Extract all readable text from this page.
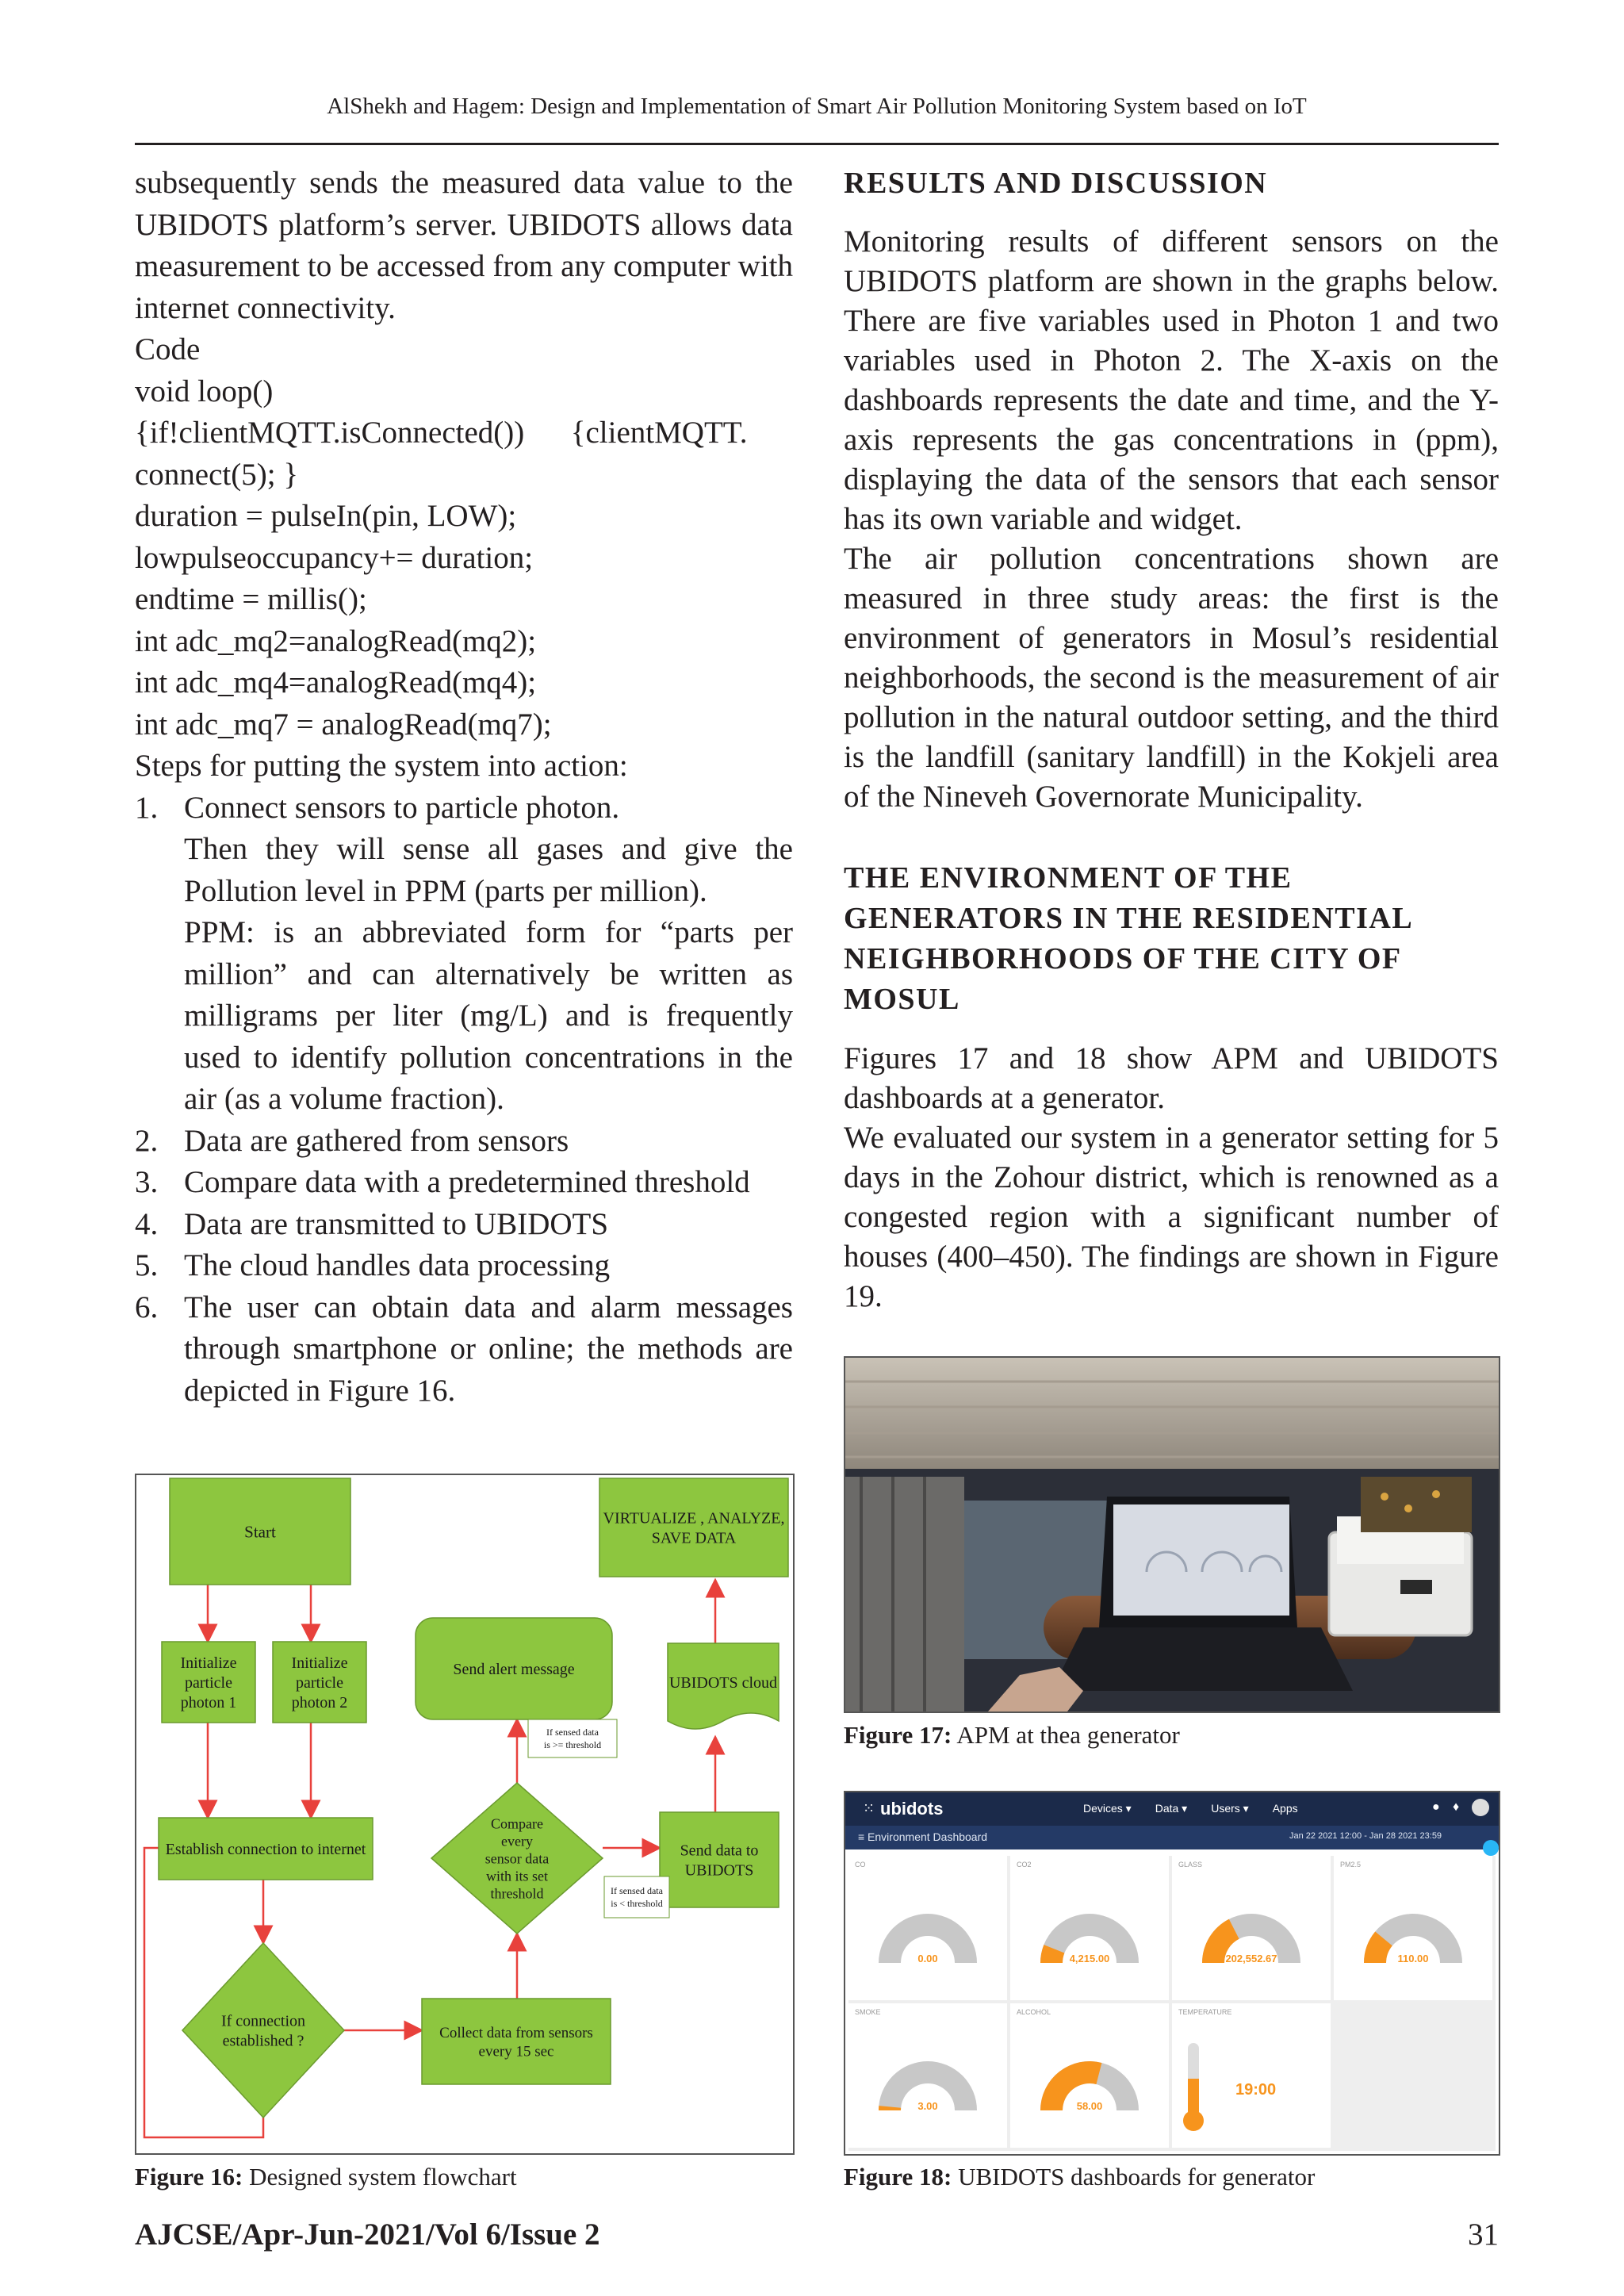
AlShekh and Hagem: Design and Implementation of Smart Air Pollution Monitoring System based on IoT

subsequently sends the measured data value to the UBIDOTS platform’s server. UBIDOTS allows data measurement to be accessed from any computer with internet connectivity.

Code

void loop()
{if!clientMQTT.isConnected())      {clientMQTT.
connect(5); }
duration = pulseIn(pin, LOW);
lowpulseoccupancy+= duration;
endtime = millis();
int adc_mq2=analogRead(mq2);
int adc_mq4=analogRead(mq4);
int adc_mq7 = analogRead(mq7);

Steps for putting the system into action:

1. Connect sensors to particle photon.
Then they will sense all gases and give the Pollution level in PPM (parts per million).
PPM: is an abbreviated form for “parts per million” and can alternatively be written as milligrams per liter (mg/L) and is frequently used to identify pollution concentrations in the air (as a volume fraction).
2. Data are gathered from sensors
3. Compare data with a predetermined threshold
4. Data are transmitted to UBIDOTS
5. The cloud handles data processing
6. The user can obtain data and alarm messages through smartphone or online; the methods are depicted in Figure 16.
Start
Initialize
particle
photon 1
Initialize
particle
photon 2
Establish connection to internet
If connection
established ?	Collect data from sensors
every 15 sec
Compare
every
sensor data
with its set
threshold
Send alert message
If sensed data
is >= threshold
If sensed data
is < threshold
Send data to
UBIDOTS
UBIDOTS cloud
VIRTUALIZE , ANALYZE,
SAVE DATA
Figure 16: Designed system flowchart

RESULTS AND DISCUSSION

Monitoring results of different sensors on the UBIDOTS platform are shown in the graphs below. There are five variables used in Photon 1 and two variables used in Photon 2. The X-axis on the dashboards represents the date and time, and the Y-axis represents the gas concentrations in (ppm), displaying the data of the sensors that each sensor has its own variable and widget.

The air pollution concentrations shown are measured in three study areas: the first is the environment of generators in Mosul’s residential neighborhoods, the second is the measurement of air pollution in the natural outdoor setting, and the third is the landfill (sanitary landfill) in the Kokjeli area of the Nineveh Governorate Municipality.

THE ENVIRONMENT OF THE GENERATORS IN THE RESIDENTIAL NEIGHBORHOODS OF THE CITY OF MOSUL

Figures 17 and 18 show APM and UBIDOTS dashboards at a generator.

We evaluated our system in a generator setting for 5 days in the Zohour district, which is renowned as a congested region with a significant number of houses (400–450). The findings are shown in Figure 19.

Figure 17: APM at thea generator
⁙ ubidots	Devices ▾ Data ▾ Users ▾ Apps	● ♦
≡ Environment Dashboard	Jan 22 2021 12:00 - Jan 28 2021 23:59
CO
0.00
CO2
4,215.00
GLASS
202,552.67
PM2.5
110.00
SMOKE
3.00
ALCOHOL
58.00
TEMPERATURE
19:00
Figure 18: UBIDOTS dashboards for generator
AJCSE/Apr-Jun-2021/Vol 6/Issue 2	31
